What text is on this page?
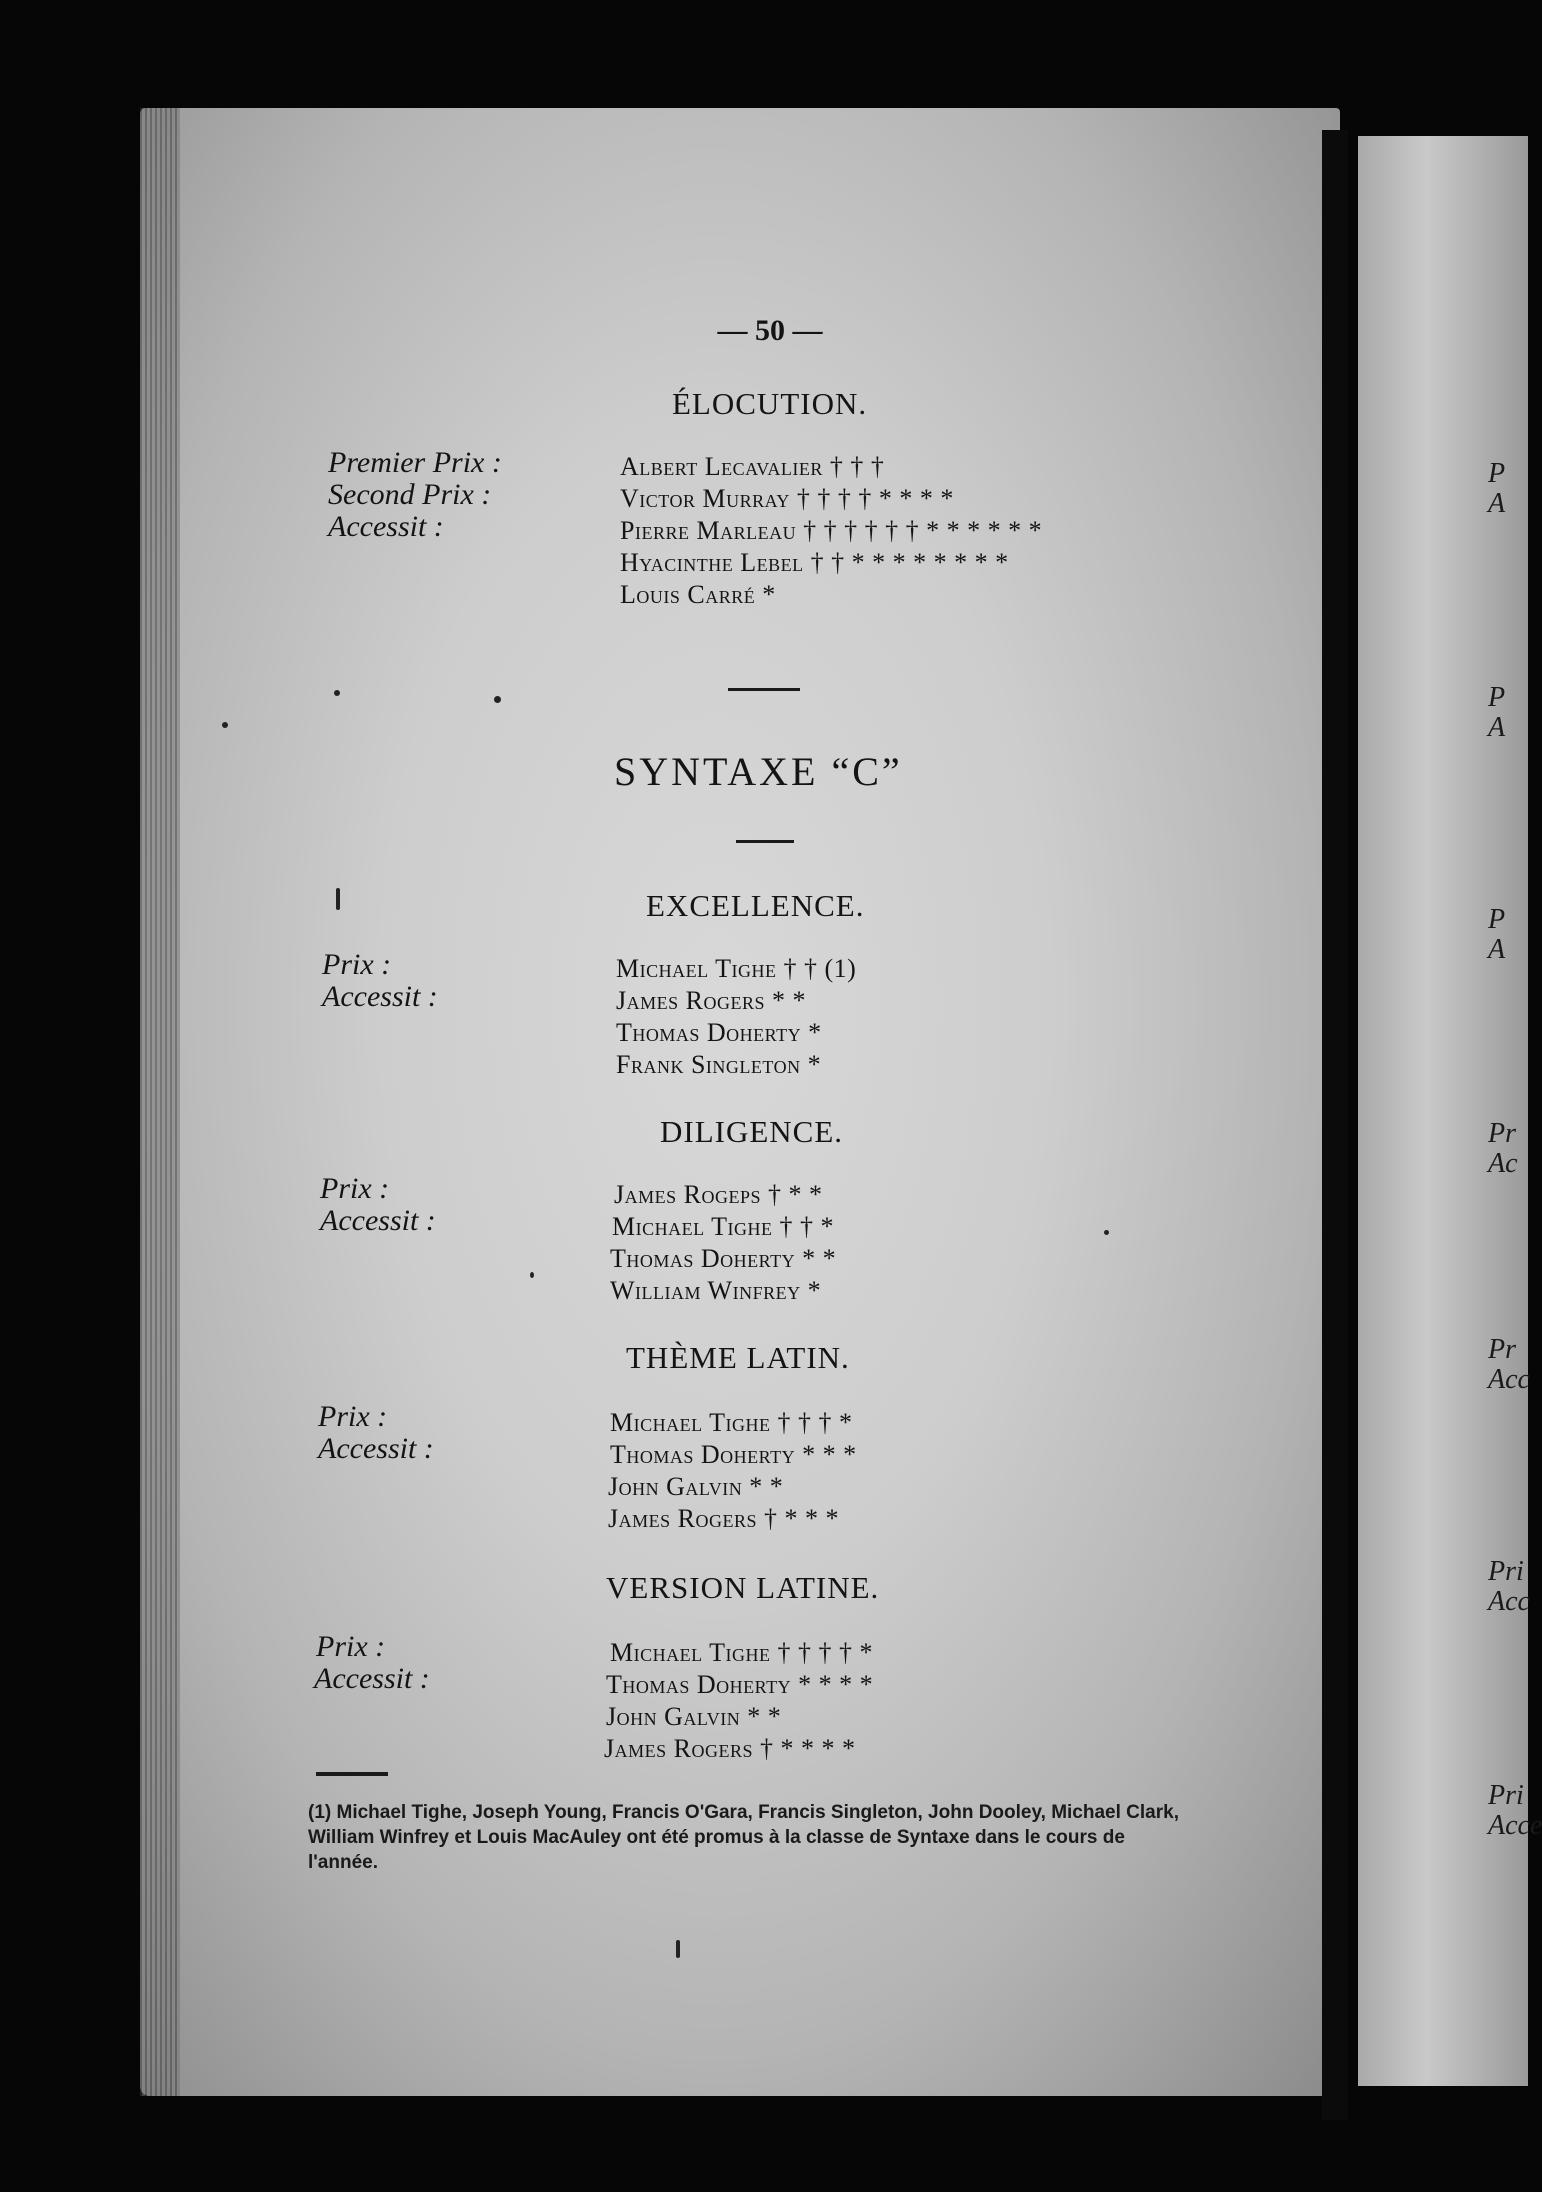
P
A
P
A
P
A
Pr
Ac
Pr
Acc
Pri
Acc
Pri
Acce
— 50 —
ÉLOCUTION.
Premier Prix :
Second Prix :
Accessit :
Albert Lecavalier † † †
Victor Murray † † † † * * * *
Pierre Marleau † † † † † † * * * * * *
Hyacinthe Lebel † † * * * * * * * *
Louis Carré *
SYNTAXE “C”
EXCELLENCE.
Prix :
Accessit :
Michael Tighe † † (1)
James Rogers * *
Thomas Doherty *
Frank Singleton *
DILIGENCE.
Prix :
Accessit :
James Rogeps † * *
Michael Tighe † † *
Thomas Doherty * *
William Winfrey *
THÈME LATIN.
Prix :
Accessit :
Michael Tighe † † † *
Thomas Doherty * * *
John Galvin * *
James Rogers † * * *
VERSION LATINE.
Prix :
Accessit :
Michael Tighe † † † † *
Thomas Doherty * * * *
John Galvin * *
James Rogers † * * * *
(1) Michael Tighe, Joseph Young, Francis O'Gara, Francis Singleton, John Dooley, Michael Clark, William Winfrey et Louis MacAuley ont été promus à la classe de Syntaxe dans le cours de l'année.
